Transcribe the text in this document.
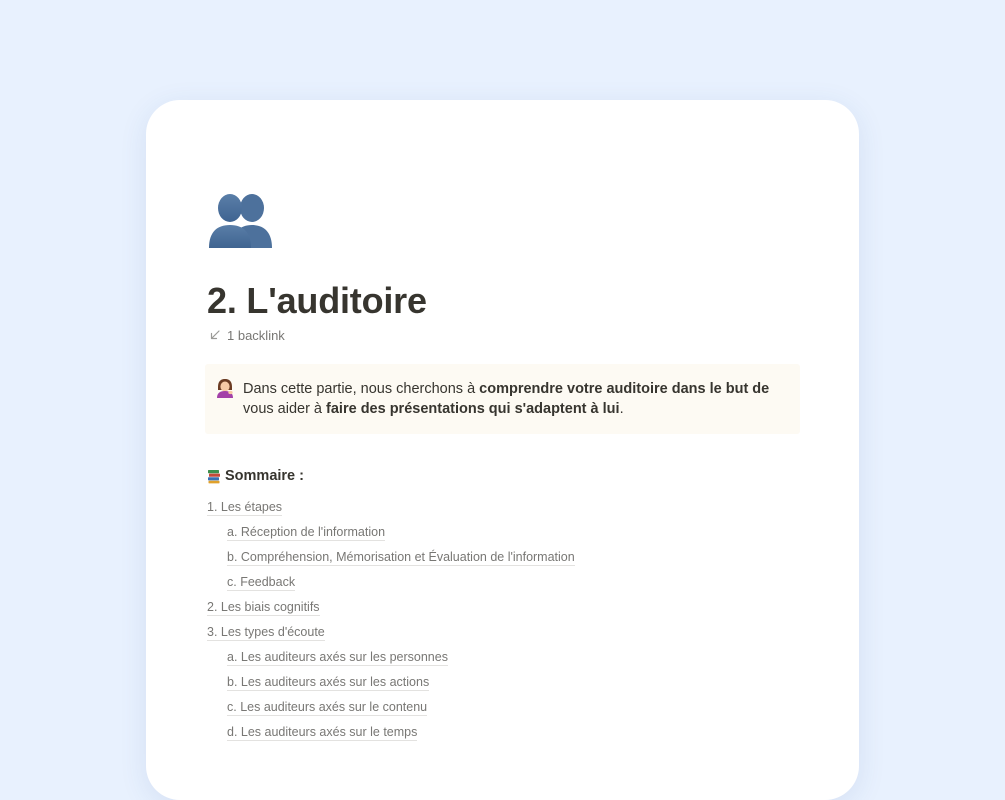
2. L'auditoire
1 backlink
Dans cette partie, nous cherchons à comprendre votre auditoire dans le but de vous aider à faire des présentations qui s'adaptent à lui.
Sommaire :
1. Les étapes
a. Réception de l'information
b. Compréhension, Mémorisation et Évaluation de l'information
c. Feedback
2. Les biais cognitifs
3. Les types d'écoute
a. Les auditeurs axés sur les personnes
b. Les auditeurs axés sur les actions
c. Les auditeurs axés sur le contenu
d. Les auditeurs axés sur le temps
